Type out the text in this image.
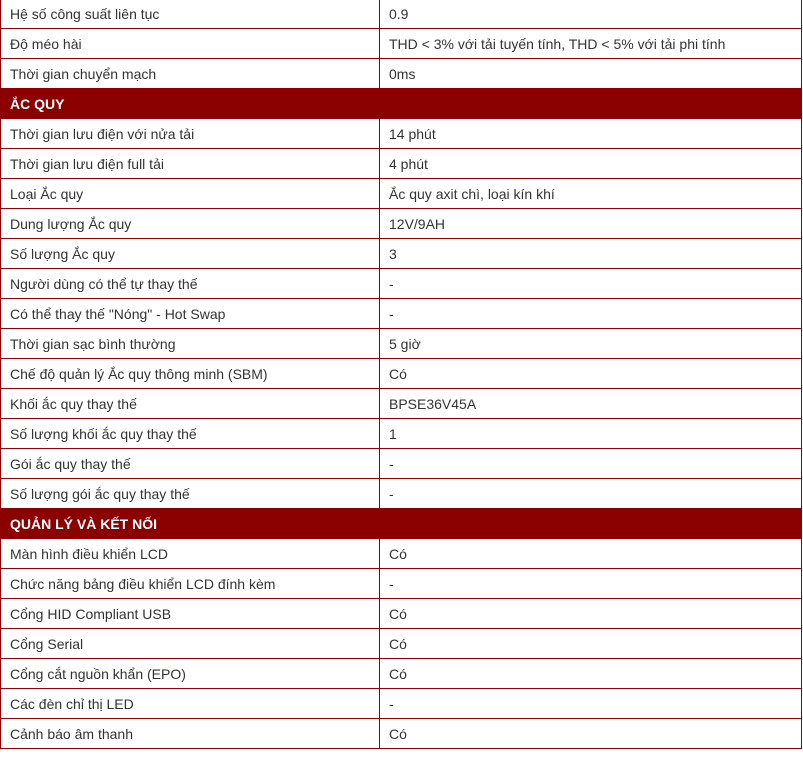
Hệ số công suất liên tục	0.9
Độ méo hài	THD < 3% với tải tuyến tính, THD < 5% với tải phi tính
Thời gian chuyển mạch	0ms
ẮC QUY	
Thời gian lưu điện với nửa tải	14 phút
Thời gian lưu điện full tải	4 phút
Loại Ắc quy	Ắc quy axit chì, loại kín khí
Dung lượng Ắc quy	12V/9AH
Số lượng Ắc quy	3
Người dùng có thể tự thay thế	-
Có thể thay thế "Nóng" - Hot Swap	-
Thời gian sạc bình thường	5 giờ
Chế độ quản lý Ắc quy thông minh (SBM)	Có
Khối ắc quy thay thế	BPSE36V45A
Số lượng khối ắc quy thay thế	1
Gói ắc quy thay thế	-
Số lượng gói ắc quy thay thế	-
QUẢN LÝ VÀ KẾT NỐI	
Màn hình điều khiển LCD	Có
Chức năng bảng điều khiển LCD đính kèm	-
Cổng HID Compliant USB	Có
Cổng Serial	Có
Cổng cắt nguồn khẩn (EPO)	Có
Các đèn chỉ thị LED	-
Cảnh báo âm thanh	Có
